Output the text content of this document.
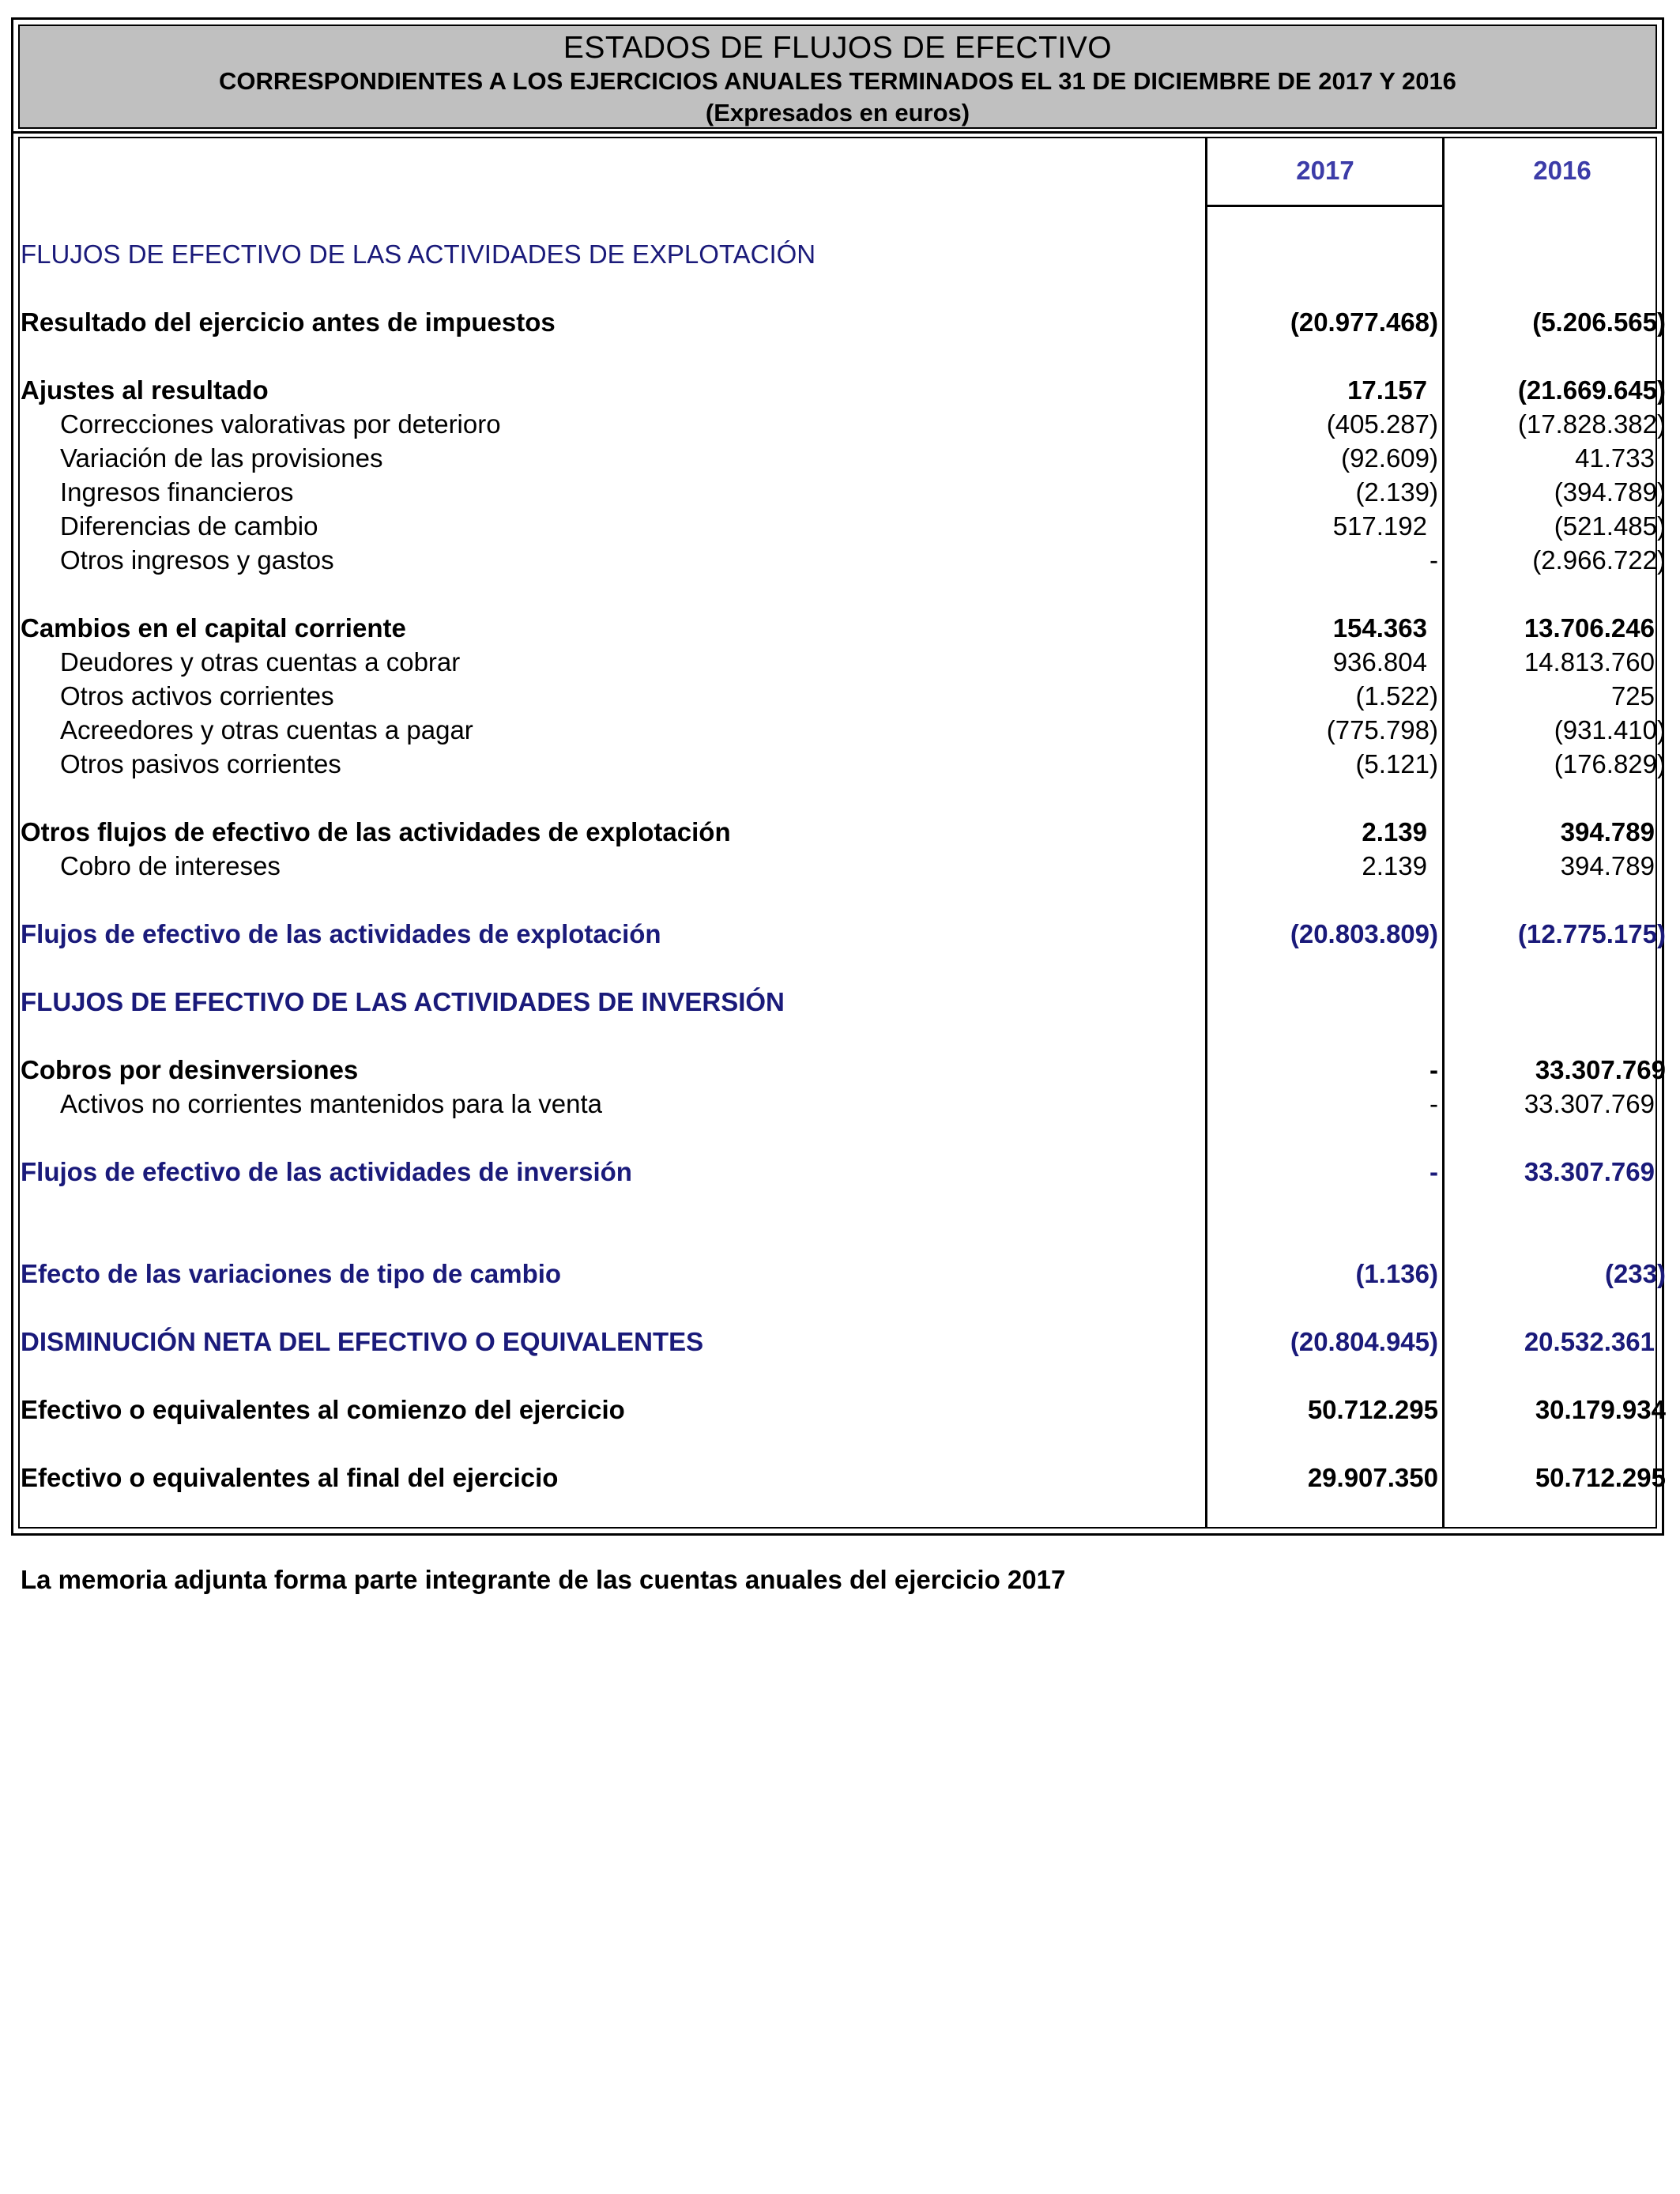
ESTADOS DE FLUJOS DE EFECTIVO
CORRESPONDIENTES A LOS EJERCICIOS ANUALES TERMINADOS EL 31 DE DICIEMBRE DE 2017 Y 2016
(Expresados en euros)
2017	2016
FLUJOS DE EFECTIVO DE LAS ACTIVIDADES DE EXPLOTACIÓN
Resultado del ejercicio antes de impuestos	(20.977.468)	(5.206.565)
Ajustes al resultado	17.157	(21.669.645)
Correcciones valorativas por deterioro	(405.287)	(17.828.382)
Variación de las provisiones	(92.609)	41.733
Ingresos financieros	(2.139)	(394.789)
Diferencias de cambio	517.192	(521.485)
Otros ingresos y gastos	-	(2.966.722)
Cambios en el capital corriente	154.363	13.706.246
Deudores y otras cuentas a cobrar	936.804	14.813.760
Otros activos corrientes	(1.522)	725
Acreedores y otras cuentas a pagar	(775.798)	(931.410)
Otros pasivos corrientes	(5.121)	(176.829)
Otros flujos de efectivo de las actividades de explotación	2.139	394.789
Cobro de intereses	2.139	394.789
Flujos de efectivo de las actividades de explotación	(20.803.809)	(12.775.175)
FLUJOS DE EFECTIVO DE LAS ACTIVIDADES DE INVERSIÓN
Cobros por desinversiones	-	33.307.769
Activos no corrientes mantenidos para la venta	-	33.307.769
Flujos de efectivo de las actividades de inversión	-	33.307.769
Efecto de las variaciones de tipo de cambio	(1.136)	(233)
DISMINUCIÓN NETA DEL EFECTIVO O EQUIVALENTES	(20.804.945)	20.532.361
Efectivo o equivalentes al comienzo del ejercicio	50.712.295	30.179.934
Efectivo o equivalentes al final del ejercicio	29.907.350	50.712.295
La memoria adjunta forma parte integrante de las cuentas anuales del ejercicio 2017
